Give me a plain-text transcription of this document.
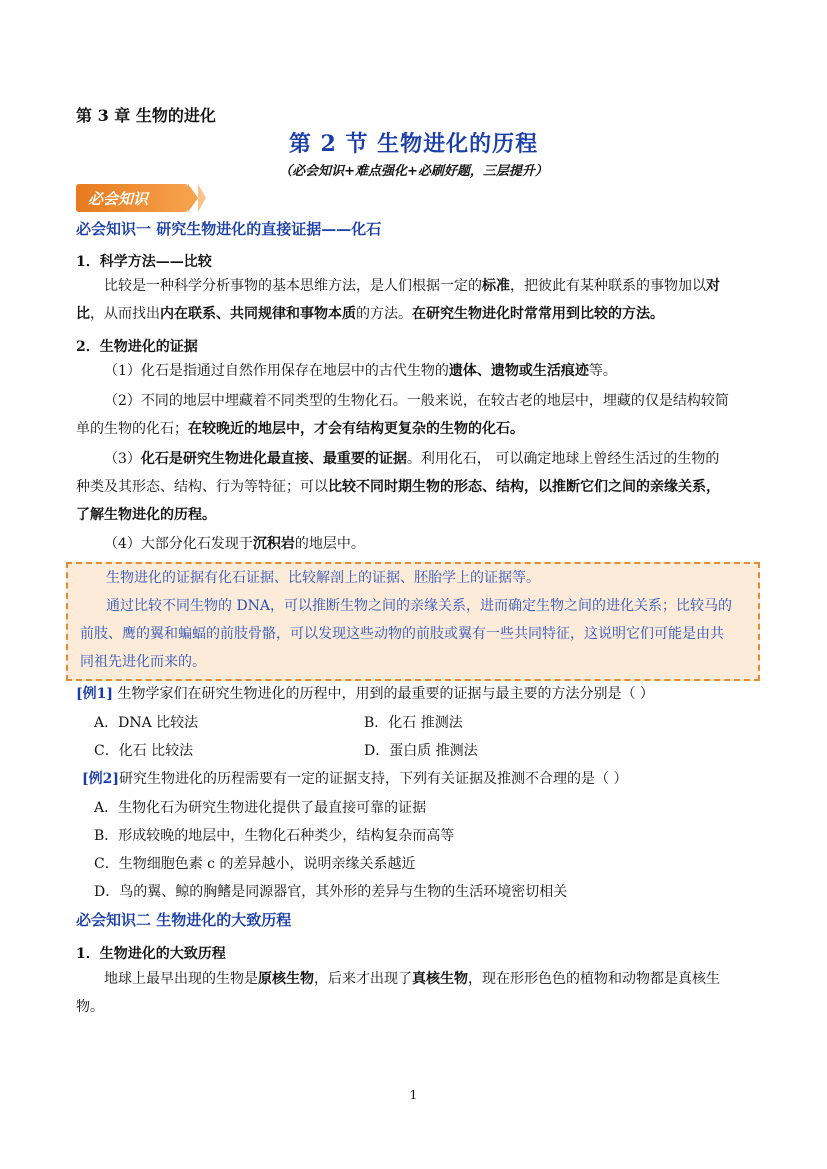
第 3 章 生物的进化
第 2 节 生物进化的历程
（必会知识+难点强化+必刷好题，三层提升）
必会知识
必会知识一 研究生物进化的直接证据——化石
1．科学方法——比较
比较是一种科学分析事物的基本思维方法，是人们根据一定的标准，把彼此有某种联系的事物加以对
比，从而找出内在联系、共同规律和事物本质的方法。在研究生物进化时常常用到比较的方法。
2．生物进化的证据
（1）化石是指通过自然作用保存在地层中的古代生物的遗体、遗物或生活痕迹等。
（2）不同的地层中埋藏着不同类型的生物化石。一般来说，在较古老的地层中，埋藏的仅是结构较简
单的生物的化石；在较晚近的地层中，才会有结构更复杂的生物的化石。
（3）化石是研究生物进化最直接、最重要的证据。利用化石， 可以确定地球上曾经生活过的生物的
种类及其形态、结构、行为等特征；可以比较不同时期生物的形态、结构，以推断它们之间的亲缘关系，
了解生物进化的历程。
（4）大部分化石发现于沉积岩的地层中。

生物进化的证据有化石证据、比较解剖上的证据、胚胎学上的证据等。

通过比较不同生物的 DNA，可以推断生物之间的亲缘关系，进而确定生物之间的进化关系；比较马的

前肢、鹰的翼和蝙蝠的前肢骨骼，可以发现这些动物的前肢或翼有一些共同特征，这说明它们可能是由共

同祖先进化而来的。

[例1] 生物学家们在研究生物进化的历程中，用到的最重要的证据与最主要的方法分别是（ ）
A．DNA 比较法	B．化石 推测法
C．化石 比较法	D．蛋白质 推测法
[例2]研究生物进化的历程需要有一定的证据支持，下列有关证据及推测不合理的是（ ）
A．生物化石为研究生物进化提供了最直接可靠的证据
B．形成较晚的地层中，生物化石种类少，结构复杂而高等
C．生物细胞色素 c 的差异越小，说明亲缘关系越近
D．鸟的翼、鲸的胸鳍是同源器官，其外形的差异与生物的生活环境密切相关
必会知识二 生物进化的大致历程
1．生物进化的大致历程
地球上最早出现的生物是原核生物，后来才出现了真核生物，现在形形色色的植物和动物都是真核生
物。
1
